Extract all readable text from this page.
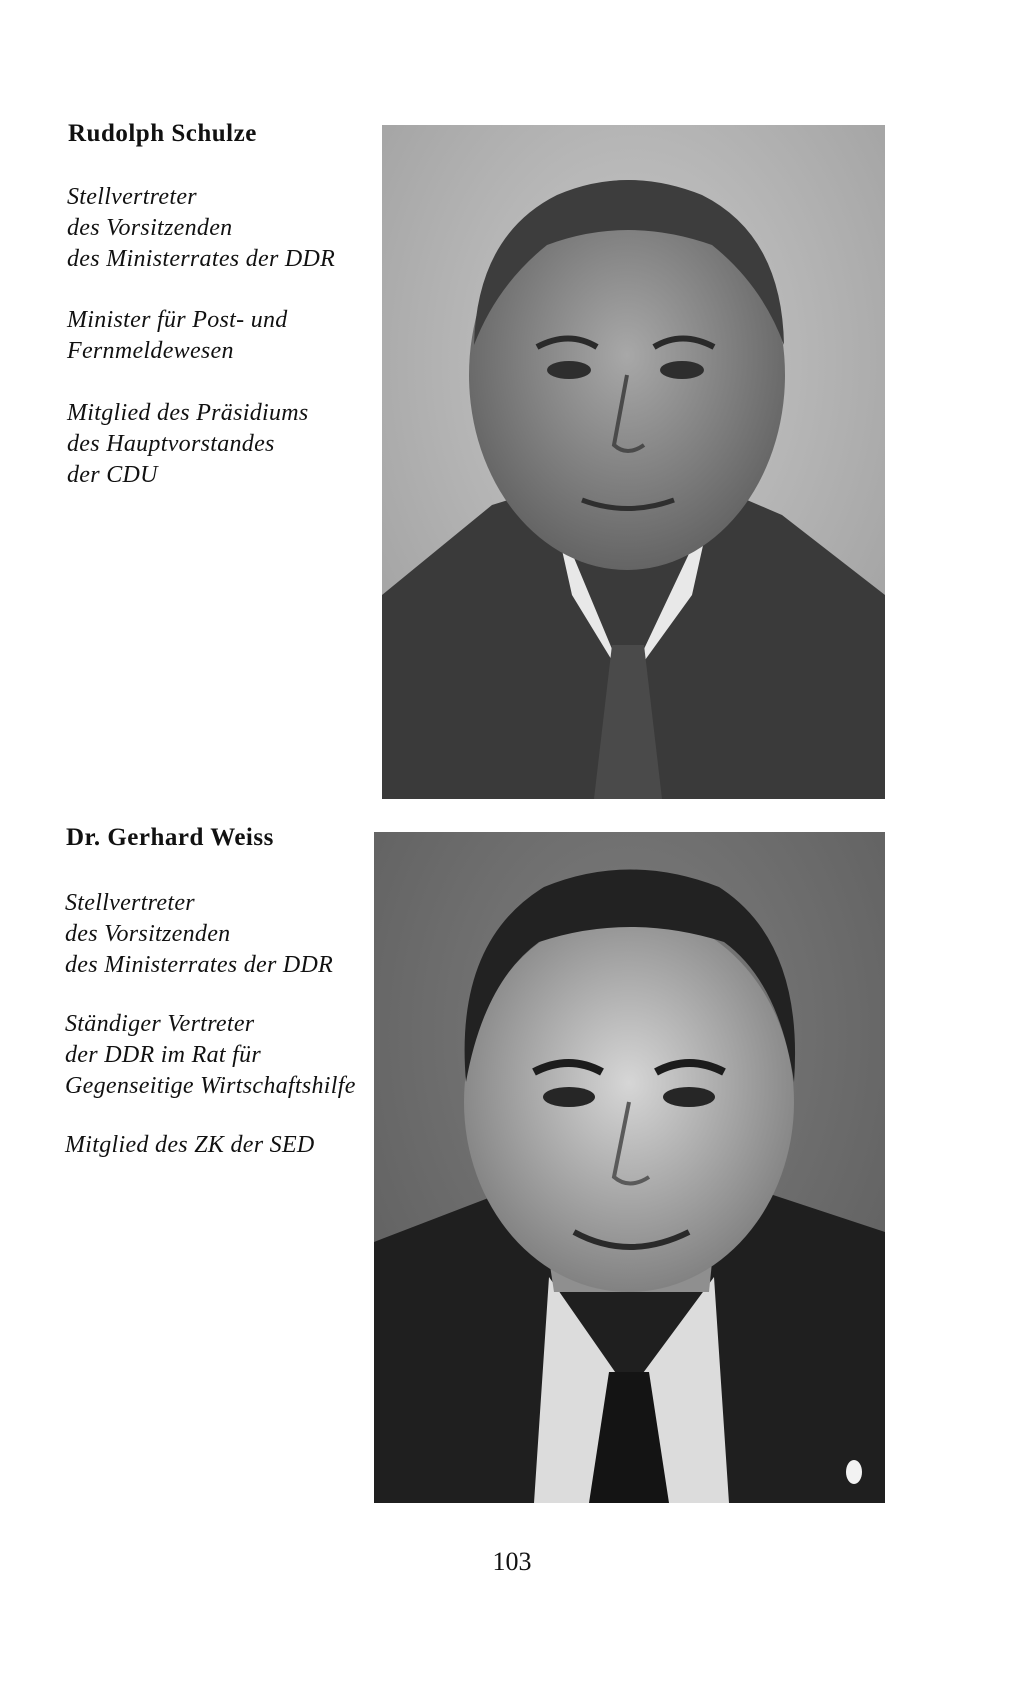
Rudolph Schulze

Stellvertreter
des Vorsitzenden
des Ministerrates der DDR

Minister für Post- und
Fernmeldewesen

Mitglied des Präsidiums
des Hauptvorstandes
der CDU

Dr. Gerhard Weiss

Stellvertreter
des Vorsitzenden
des Ministerrates der DDR

Ständiger Vertreter
der DDR im Rat für
Gegenseitige Wirtschaftshilfe

Mitglied des ZK der SED

103
